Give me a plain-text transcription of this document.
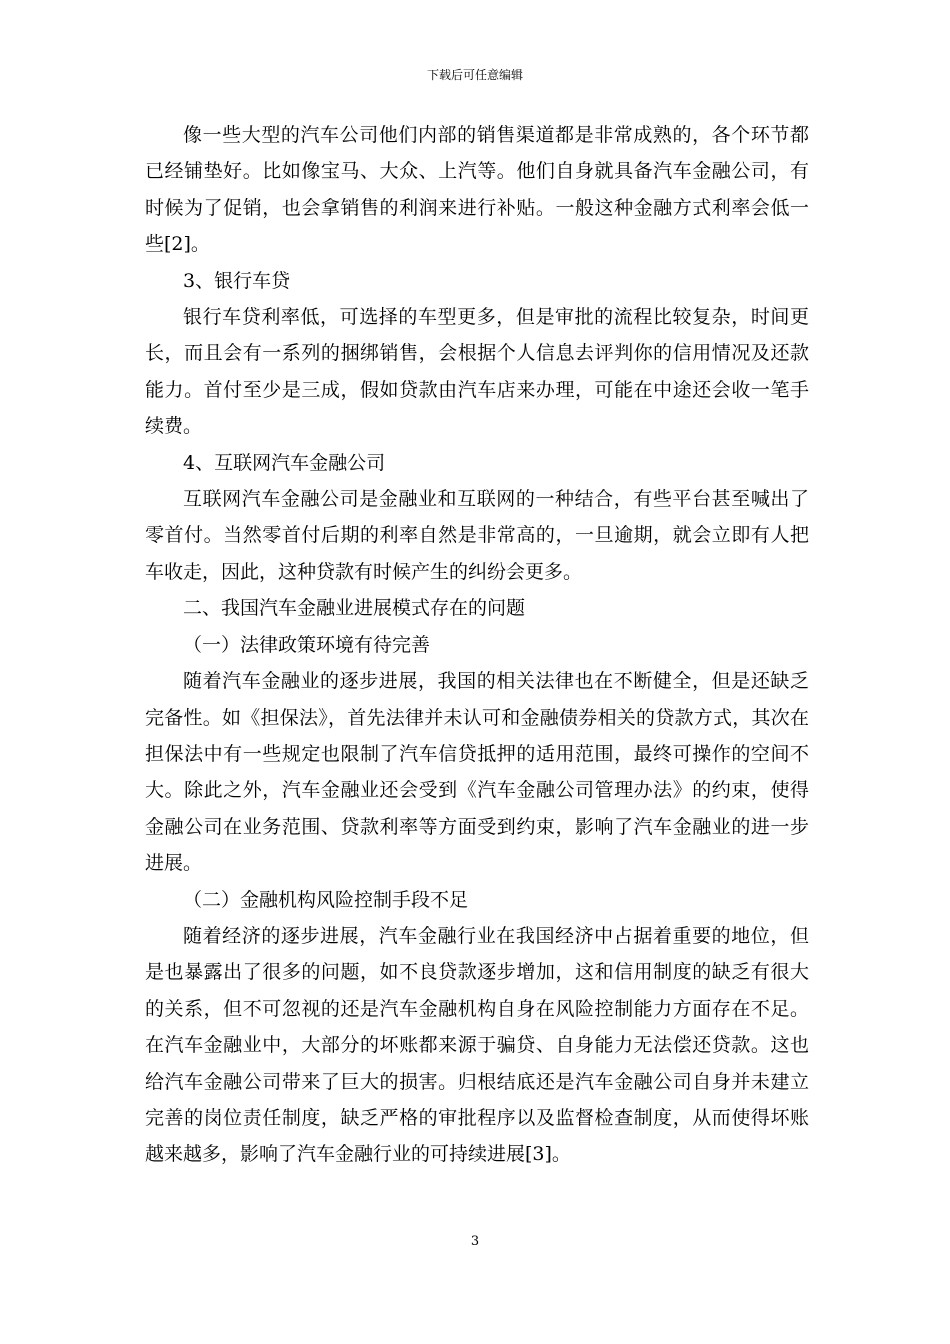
下载后可任意编辑

像一些大型的汽车公司他们内部的销售渠道都是非常成熟的，各个环节都已经铺垫好。比如像宝马、大众、上汽等。他们自身就具备汽车金融公司，有时候为了促销，也会拿销售的利润来进行补贴。一般这种金融方式利率会低一些[2]。

3、银行车贷

银行车贷利率低，可选择的车型更多，但是审批的流程比较复杂，时间更长，而且会有一系列的捆绑销售，会根据个人信息去评判你的信用情况及还款能力。首付至少是三成，假如贷款由汽车店来办理，可能在中途还会收一笔手续费。

4、互联网汽车金融公司

互联网汽车金融公司是金融业和互联网的一种结合，有些平台甚至喊出了零首付。当然零首付后期的利率自然是非常高的，一旦逾期，就会立即有人把车收走，因此，这种贷款有时候产生的纠纷会更多。

二、我国汽车金融业进展模式存在的问题

（一）法律政策环境有待完善

随着汽车金融业的逐步进展，我国的相关法律也在不断健全，但是还缺乏完备性。如《担保法》，首先法律并未认可和金融债券相关的贷款方式，其次在担保法中有一些规定也限制了汽车信贷抵押的适用范围，最终可操作的空间不大。除此之外，汽车金融业还会受到《汽车金融公司管理办法》的约束，使得金融公司在业务范围、贷款利率等方面受到约束，影响了汽车金融业的进一步进展。

（二）金融机构风险控制手段不足

随着经济的逐步进展，汽车金融行业在我国经济中占据着重要的地位，但是也暴露出了很多的问题，如不良贷款逐步增加，这和信用制度的缺乏有很大的关系，但不可忽视的还是汽车金融机构自身在风险控制能力方面存在不足。在汽车金融业中，大部分的坏账都来源于骗贷、自身能力无法偿还贷款。这也给汽车金融公司带来了巨大的损害。归根结底还是汽车金融公司自身并未建立完善的岗位责任制度，缺乏严格的审批程序以及监督检查制度，从而使得坏账越来越多，影响了汽车金融行业的可持续进展[3]。

3
